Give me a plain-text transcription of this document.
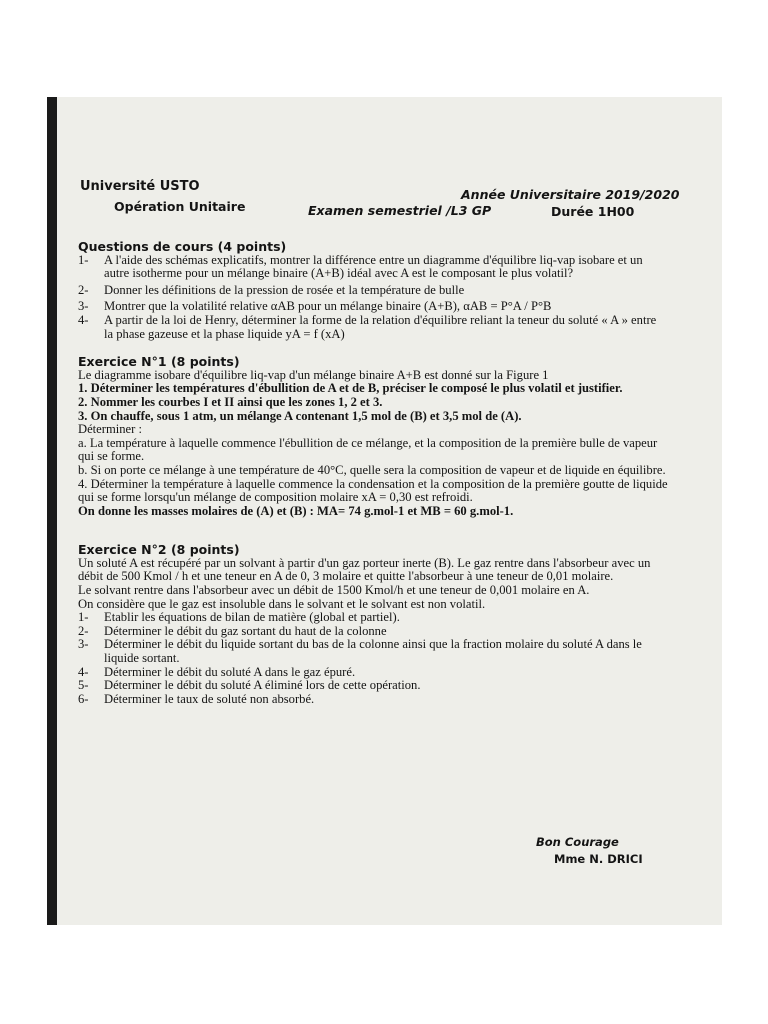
Université USTO
Opération Unitaire	Examen semestriel /L3 GP
Année Universitaire 2019/2020
Durée 1H00

Questions de cours (4 points)

1- A l'aide des schémas explicatifs, montrer la différence entre un diagramme d'équilibre liq-vap isobare et un autre isotherme pour un mélange binaire (A+B) idéal avec A est le composant le plus volatil?
2- Donner les définitions de la pression de rosée et la température de bulle
3- Montrer que la volatilité relative αAB pour un mélange binaire (A+B), αAB = P°A / P°B
4- A partir de la loi de Henry, déterminer la forme de la relation d'équilibre reliant la teneur du soluté « A » entre la phase gazeuse et la phase liquide yA = f (xA)

Exercice N°1 (8 points)

Le diagramme isobare d'équilibre liq-vap d'un mélange binaire A+B est donné sur la Figure 1

1. Déterminer les températures d'ébullition de A et de B, préciser le composé le plus volatil et justifier.

2. Nommer les courbes I et II ainsi que les zones 1, 2 et 3.

3. On chauffe, sous 1 atm, un mélange A contenant 1,5 mol de (B) et 3,5 mol de (A).

Déterminer :

a. La température à laquelle commence l'ébullition de ce mélange, et la composition de la première bulle de vapeur qui se forme.

b. Si on porte ce mélange à une température de 40°C, quelle sera la composition de vapeur et de liquide en équilibre.

4. Déterminer la température à laquelle commence la condensation et la composition de la première goutte de liquide qui se forme lorsqu'un mélange de composition molaire xA = 0,30 est refroidi.

On donne les masses molaires de (A) et (B) : MA= 74 g.mol-1 et MB = 60 g.mol-1.

Exercice N°2 (8 points)

Un soluté A est récupéré par un solvant à partir d'un gaz porteur inerte (B). Le gaz rentre dans l'absorbeur avec un débit de 500 Kmol / h et une teneur en A de 0, 3 molaire et quitte l'absorbeur à une teneur de 0,01 molaire.

Le solvant rentre dans l'absorbeur avec un débit de 1500 Kmol/h et une teneur de 0,001 molaire en A.

On considère que le gaz est insoluble dans le solvant et le solvant est non volatil.

1- Etablir les équations de bilan de matière (global et partiel).
2- Déterminer le débit du gaz sortant du haut de la colonne
3- Déterminer le débit du liquide sortant du bas de la colonne ainsi que la fraction molaire du soluté A dans le liquide sortant.
4- Déterminer le débit du soluté A dans le gaz épuré.
5- Déterminer le débit du soluté A éliminé lors de cette opération.
6- Déterminer le taux de soluté non absorbé.
Bon Courage
Mme N. DRICI
